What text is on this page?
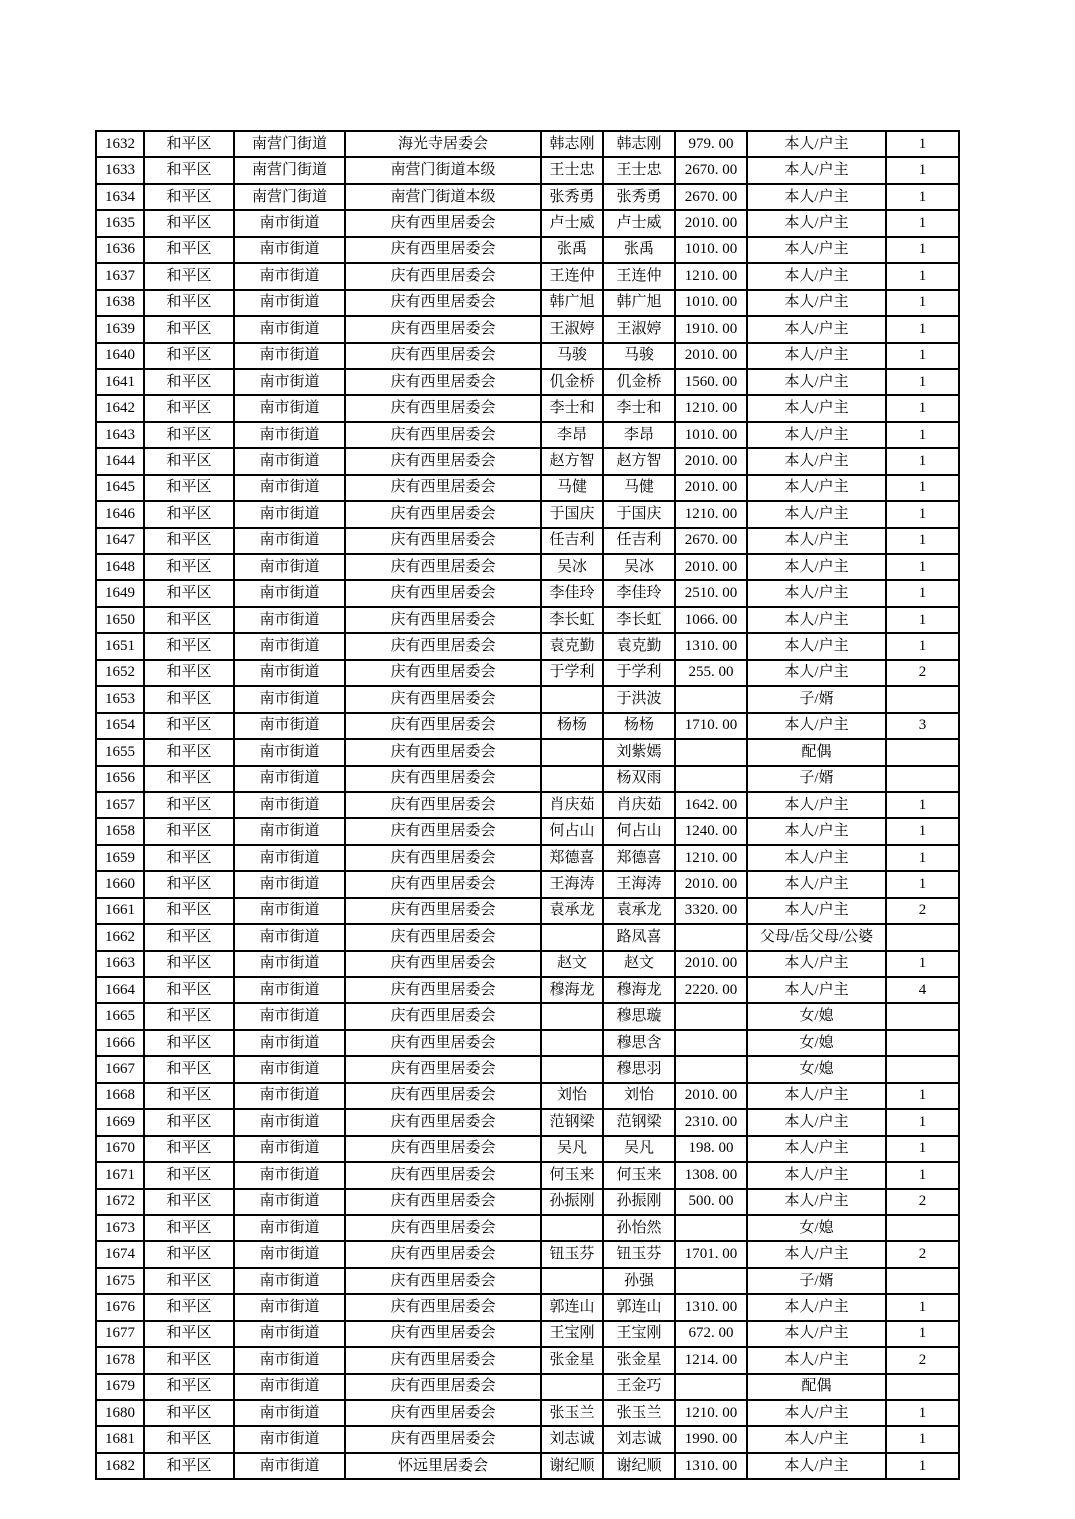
1632	和平区	南营门街道	海光寺居委会	韩志刚	韩志刚	979. 00	本人/户主	1
1633	和平区	南营门街道	南营门街道本级	王士忠	王士忠	2670. 00	本人/户主	1
1634	和平区	南营门街道	南营门街道本级	张秀勇	张秀勇	2670. 00	本人/户主	1
1635	和平区	南市街道	庆有西里居委会	卢士威	卢士威	2010. 00	本人/户主	1
1636	和平区	南市街道	庆有西里居委会	张禹	张禹	1010. 00	本人/户主	1
1637	和平区	南市街道	庆有西里居委会	王连仲	王连仲	1210. 00	本人/户主	1
1638	和平区	南市街道	庆有西里居委会	韩广旭	韩广旭	1010. 00	本人/户主	1
1639	和平区	南市街道	庆有西里居委会	王淑婷	王淑婷	1910. 00	本人/户主	1
1640	和平区	南市街道	庆有西里居委会	马骏	马骏	2010. 00	本人/户主	1
1641	和平区	南市街道	庆有西里居委会	仉金桥	仉金桥	1560. 00	本人/户主	1
1642	和平区	南市街道	庆有西里居委会	李士和	李士和	1210. 00	本人/户主	1
1643	和平区	南市街道	庆有西里居委会	李昂	李昂	1010. 00	本人/户主	1
1644	和平区	南市街道	庆有西里居委会	赵方智	赵方智	2010. 00	本人/户主	1
1645	和平区	南市街道	庆有西里居委会	马健	马健	2010. 00	本人/户主	1
1646	和平区	南市街道	庆有西里居委会	于国庆	于国庆	1210. 00	本人/户主	1
1647	和平区	南市街道	庆有西里居委会	任吉利	任吉利	2670. 00	本人/户主	1
1648	和平区	南市街道	庆有西里居委会	吴冰	吴冰	2010. 00	本人/户主	1
1649	和平区	南市街道	庆有西里居委会	李佳玲	李佳玲	2510. 00	本人/户主	1
1650	和平区	南市街道	庆有西里居委会	李长虹	李长虹	1066. 00	本人/户主	1
1651	和平区	南市街道	庆有西里居委会	袁克勤	袁克勤	1310. 00	本人/户主	1
1652	和平区	南市街道	庆有西里居委会	于学利	于学利	255. 00	本人/户主	2
1653	和平区	南市街道	庆有西里居委会		于洪波		子/婿	
1654	和平区	南市街道	庆有西里居委会	杨杨	杨杨	1710. 00	本人/户主	3
1655	和平区	南市街道	庆有西里居委会		刘紫嫣		配偶	
1656	和平区	南市街道	庆有西里居委会		杨双雨		子/婿	
1657	和平区	南市街道	庆有西里居委会	肖庆茹	肖庆茹	1642. 00	本人/户主	1
1658	和平区	南市街道	庆有西里居委会	何占山	何占山	1240. 00	本人/户主	1
1659	和平区	南市街道	庆有西里居委会	郑德喜	郑德喜	1210. 00	本人/户主	1
1660	和平区	南市街道	庆有西里居委会	王海涛	王海涛	2010. 00	本人/户主	1
1661	和平区	南市街道	庆有西里居委会	袁承龙	袁承龙	3320. 00	本人/户主	2
1662	和平区	南市街道	庆有西里居委会		路凤喜		父母/岳父母/公婆	
1663	和平区	南市街道	庆有西里居委会	赵文	赵文	2010. 00	本人/户主	1
1664	和平区	南市街道	庆有西里居委会	穆海龙	穆海龙	2220. 00	本人/户主	4
1665	和平区	南市街道	庆有西里居委会		穆思璇		女/媳	
1666	和平区	南市街道	庆有西里居委会		穆思含		女/媳	
1667	和平区	南市街道	庆有西里居委会		穆思羽		女/媳	
1668	和平区	南市街道	庆有西里居委会	刘怡	刘怡	2010. 00	本人/户主	1
1669	和平区	南市街道	庆有西里居委会	范钢梁	范钢梁	2310. 00	本人/户主	1
1670	和平区	南市街道	庆有西里居委会	吴凡	吴凡	198. 00	本人/户主	1
1671	和平区	南市街道	庆有西里居委会	何玉来	何玉来	1308. 00	本人/户主	1
1672	和平区	南市街道	庆有西里居委会	孙振刚	孙振刚	500. 00	本人/户主	2
1673	和平区	南市街道	庆有西里居委会		孙怡然		女/媳	
1674	和平区	南市街道	庆有西里居委会	钮玉芬	钮玉芬	1701. 00	本人/户主	2
1675	和平区	南市街道	庆有西里居委会		孙强		子/婿	
1676	和平区	南市街道	庆有西里居委会	郭连山	郭连山	1310. 00	本人/户主	1
1677	和平区	南市街道	庆有西里居委会	王宝刚	王宝刚	672. 00	本人/户主	1
1678	和平区	南市街道	庆有西里居委会	张金星	张金星	1214. 00	本人/户主	2
1679	和平区	南市街道	庆有西里居委会		王金巧		配偶	
1680	和平区	南市街道	庆有西里居委会	张玉兰	张玉兰	1210. 00	本人/户主	1
1681	和平区	南市街道	庆有西里居委会	刘志诚	刘志诚	1990. 00	本人/户主	1
1682	和平区	南市街道	怀远里居委会	谢纪顺	谢纪顺	1310. 00	本人/户主	1
